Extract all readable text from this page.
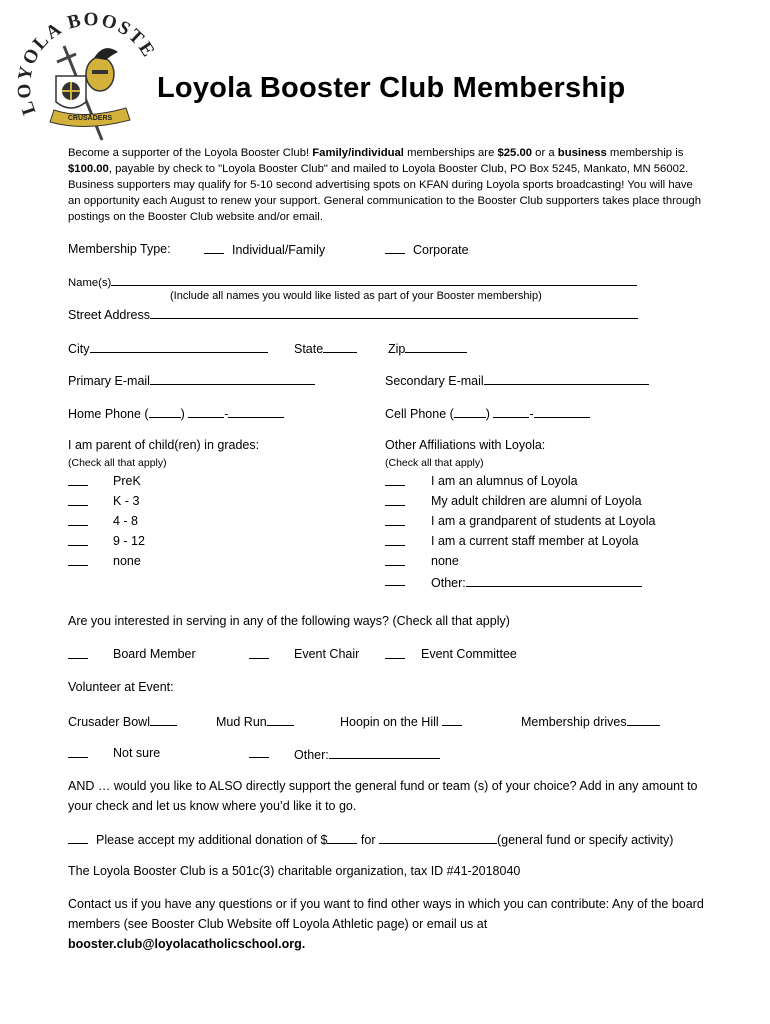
LOYOLA BOOST
CRUSADERS
Loyola Booster Club Membership
Become a supporter of the Loyola Booster Club! Family/individual memberships are $25.00 or a business membership is $100.00, payable by check to "Loyola Booster Club" and mailed to Loyola Booster Club, PO Box 5245, Mankato, MN 56002. Business supporters may qualify for 5-10 second advertising spots on KFAN during Loyola sports broadcasting! You will have an opportunity each August to renew your support. General communication to the Booster Club supporters takes place through postings on the Booster Club website and/or email.
Membership Type:	Individual/Family	Corporate
Name(s)
(Include all names you would like listed as part of your Booster membership)
Street Address
City	State	Zip
Primary E-mail	Secondary E-mail
Home Phone (	)	-	Cell Phone (	)	-
I am parent of child(ren) in grades:
(Check all that apply)
PreK
K - 3
4 - 8
9 - 12
none
Other Affiliations with Loyola:
(Check all that apply)
I am an alumnus of Loyola
My adult children are alumni of Loyola
I am a grandparent of students at Loyola
I am a current staff member at Loyola
none
Other:
Are you interested in serving in any of the following ways? (Check all that apply)
Board Member	Event Chair	Event Committee
Volunteer at Event:
Crusader Bowl	Mud Run	Hoopin on the Hill	Membership drives
Not sure	Other:
AND … would you like to ALSO directly support the general fund or team (s) of your choice? Add in any amount to your check and let us know where you’d like it to go.
Please accept my additional donation of $	for	(general fund or specify activity)
The Loyola Booster Club is a 501c(3) charitable organization, tax ID #41-2018040
Contact us if you have any questions or if you want to find other ways in which you can contribute: Any of the board members (see Booster Club Website off Loyola Athletic page) or email us at booster.club@loyolacatholicschool.org.
